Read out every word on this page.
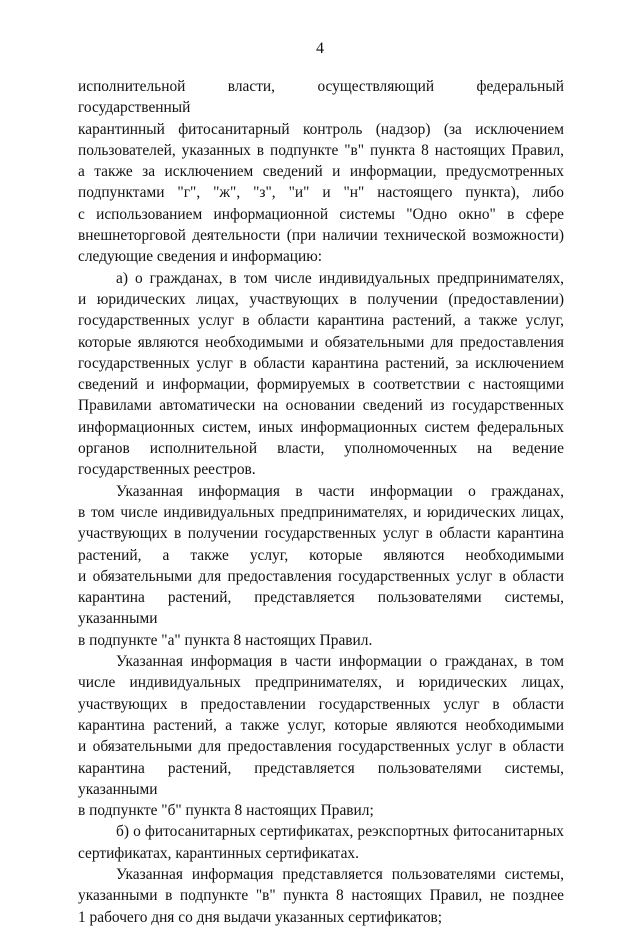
4
исполнительной власти, осуществляющий федеральный государственный
карантинный фитосанитарный контроль (надзор) (за исключением
пользователей, указанных в подпункте "в" пункта 8 настоящих Правил,
а также за исключением сведений и информации, предусмотренных
подпунктами "г", "ж", "з", "и" и "н" настоящего пункта), либо
с использованием информационной системы "Одно окно" в сфере
внешнеторговой деятельности (при наличии технической возможности)
следующие сведения и информацию:
а) о гражданах, в том числе индивидуальных предпринимателях,
и юридических лицах, участвующих в получении (предоставлении)
государственных услуг в области карантина растений, а также услуг,
которые являются необходимыми и обязательными для предоставления
государственных услуг в области карантина растений, за исключением
сведений и информации, формируемых в соответствии с настоящими
Правилами автоматически на основании сведений из государственных
информационных систем, иных информационных систем федеральных
органов исполнительной власти, уполномоченных на ведение
государственных реестров.
Указанная информация в части информации о гражданах,
в том числе индивидуальных предпринимателях, и юридических лицах,
участвующих в получении государственных услуг в области карантина
растений, а также услуг, которые являются необходимыми
и обязательными для предоставления государственных услуг в области
карантина растений, представляется пользователями системы, указанными
в подпункте "а" пункта 8 настоящих Правил.
Указанная информация в части информации о гражданах, в том
числе индивидуальных предпринимателях, и юридических лицах,
участвующих в предоставлении государственных услуг в области
карантина растений, а также услуг, которые являются необходимыми
и обязательными для предоставления государственных услуг в области
карантина растений, представляется пользователями системы, указанными
в подпункте "б" пункта 8 настоящих Правил;
б) о фитосанитарных сертификатах, реэкспортных фитосанитарных
сертификатах, карантинных сертификатах.
Указанная информация представляется пользователями системы,
указанными в подпункте "в" пункта 8 настоящих Правил, не позднее
1 рабочего дня со дня выдачи указанных сертификатов;
